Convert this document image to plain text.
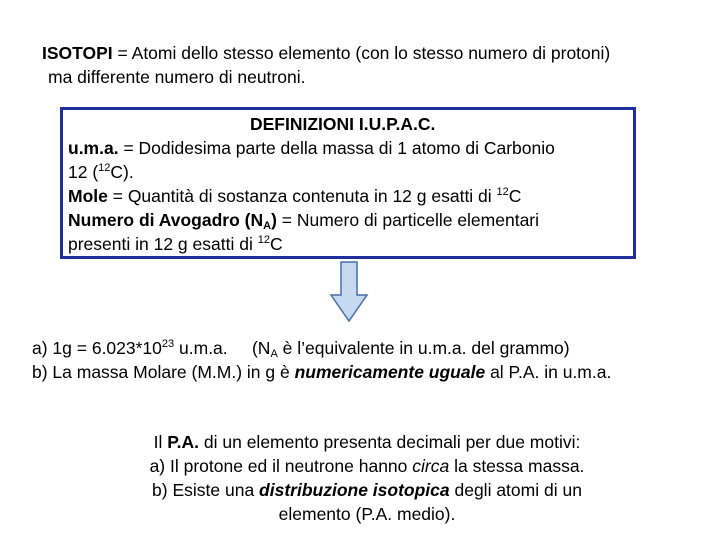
ISOTOPI = Atomi dello stesso elemento (con lo stesso numero di protoni)
ma differente numero di neutroni.
DEFINIZIONI I.U.P.A.C.
u.m.a. = Dodidesima parte della massa di 1 atomo di Carbonio
12 ($^{12}$C).
Mole = Quantità di sostanza contenuta in 12 g esatti di $^{12}$C
Numero di Avogadro $(N_A)$ = Numero di particelle elementari
presenti in 12 g esatti di $^{12}$C
a) $1g = 6.023*10^{23}$ u.m.a.     ($N_A$ è l’equivalente in u.m.a. del grammo)
b) La massa Molare (M.M.) in g è numericamente uguale al P.A. in u.m.a.
Il P.A. di un elemento presenta decimali per due motivi:
a) Il protone ed il neutrone hanno circa la stessa massa.
b) Esiste una distribuzione isotopica degli atomi di un
elemento (P.A. medio).
